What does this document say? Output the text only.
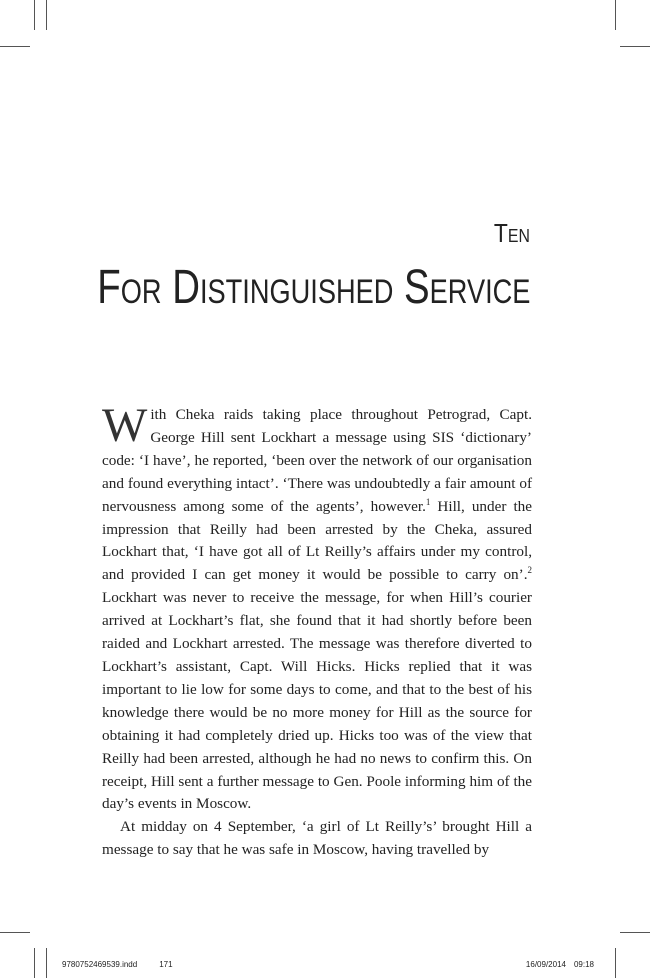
Ten
For Distinguished Service

With Cheka raids taking place throughout Petrograd, Capt. George Hill sent Lockhart a message using SIS ‘dictionary’ code: ‘I have’, he reported, ‘been over the network of our organisation and found everything intact’. ‘There was undoubtedly a fair amount of nervousness among some of the agents’, however.$^1$ Hill, under the impression that Reilly had been arrested by the Cheka, assured Lockhart that, ‘I have got all of Lt Reilly’s affairs under my control, and provided I can get money it would be possible to carry on’.$^2$ Lockhart was never to receive the message, for when Hill’s courier arrived at Lockhart’s flat, she found that it had shortly before been raided and Lockhart arrested. The message was therefore diverted to Lockhart’s assistant, Capt. Will Hicks. Hicks replied that it was important to lie low for some days to come, and that to the best of his knowledge there would be no more money for Hill as the source for obtaining it had completely dried up. Hicks too was of the view that Reilly had been arrested, although he had no news to confirm this. On receipt, Hill sent a further message to Gen. Poole informing him of the day’s events in Moscow.

At midday on 4 September, ‘a girl of Lt Reilly’s’ brought Hill a message to say that he was safe in Moscow, having travelled by

9780752469539.indd	171	16/09/2014 09:18
